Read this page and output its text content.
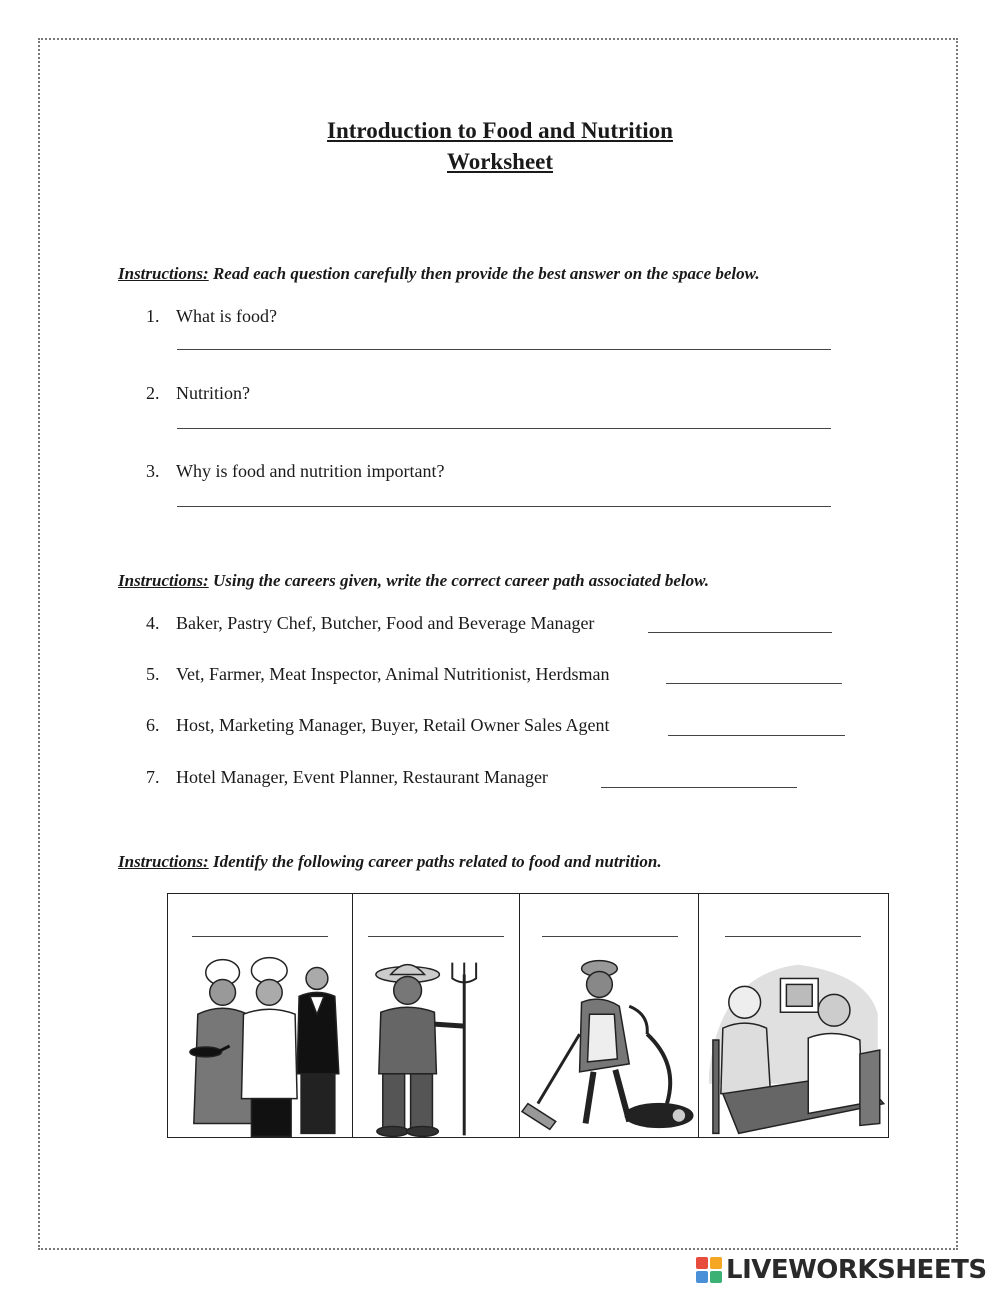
Introduction to Food and Nutrition
Worksheet
Instructions: Read each question carefully then provide the best answer on the space below.
1. What is food?
2. Nutrition?
3. Why is food and nutrition important?
Instructions: Using the careers given, write the correct career path associated below.
4. Baker, Pastry Chef, Butcher, Food and Beverage Manager
5. Vet, Farmer, Meat Inspector, Animal Nutritionist, Herdsman
6. Host, Marketing Manager, Buyer, Retail Owner Sales Agent
7. Hotel Manager, Event Planner, Restaurant Manager
Instructions: Identify the following career paths related to food and nutrition.

LIVEWORKSHEETS
